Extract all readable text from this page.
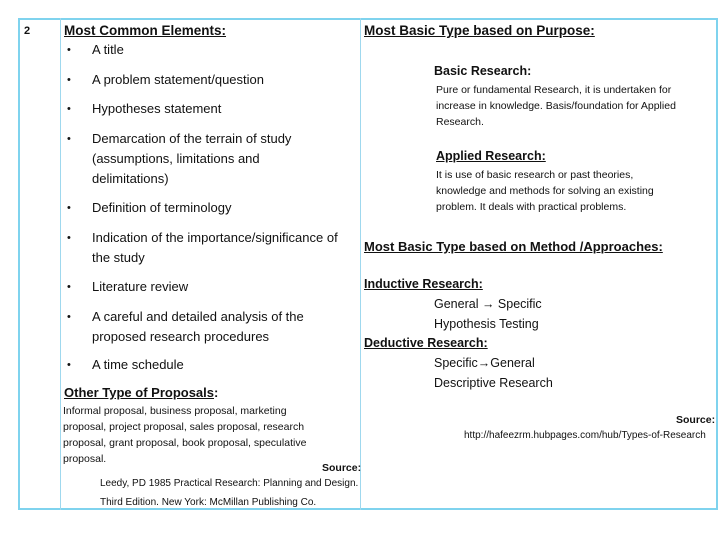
2	Most Common Elements:
• A title
• A problem statement/question
• Hypotheses statement
• Demarcation of the terrain of study
(assumptions, limitations and
delimitations)
• Definition of terminology
• Indication of the importance/significance of
the study
• Literature review
• A careful and detailed analysis of the
proposed research procedures
• A time schedule
Other Type of Proposals:
Informal proposal, business proposal, marketing
proposal, project proposal, sales proposal, research
proposal, grant proposal, book proposal, speculative
proposal.
Source:
Leedy, PD 1985 Practical Research: Planning and Design.
Third Edition. New York: McMillan Publishing Co.
Most Basic Type based on Purpose:
Basic Research:
Pure or fundamental Research, it is undertaken for
increase in knowledge. Basis/foundation for Applied
Research.
Applied Research:
It is use of basic research or past theories,
knowledge and methods for solving an existing
problem. It deals with practical problems.
Most Basic Type based on Method /Approaches:
Inductive Research:
General → Specific
Hypothesis Testing
Deductive Research:
Specific→General
Descriptive Research
Source:
http://hafeezrm.hubpages.com/hub/Types-of-Research
